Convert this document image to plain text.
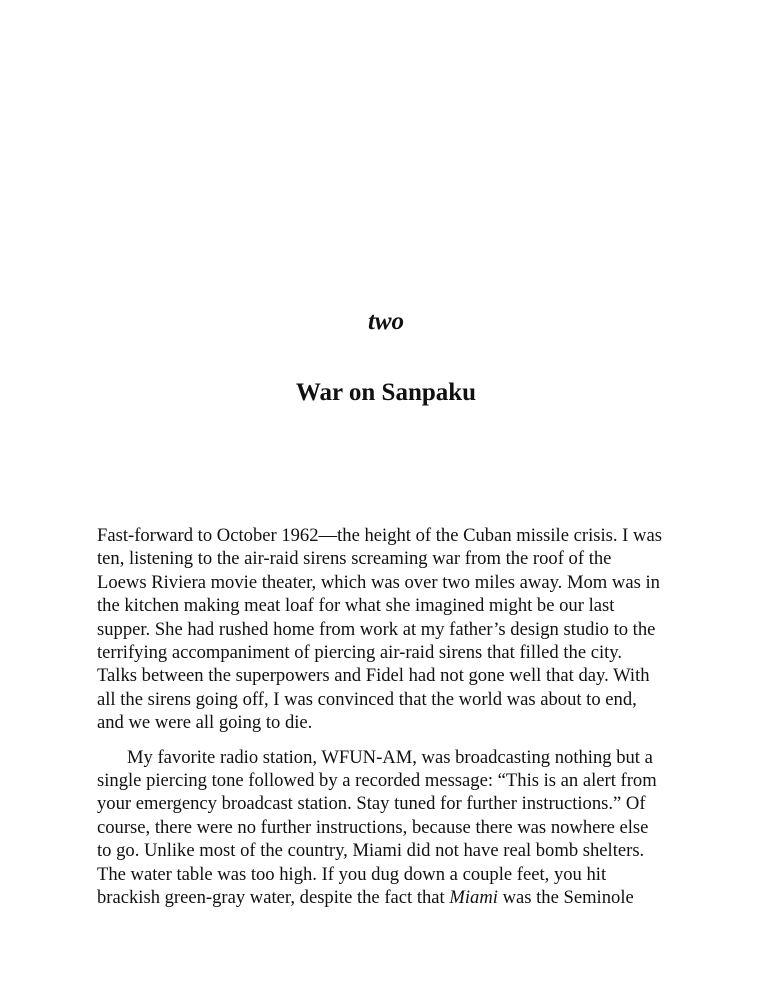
two
War on Sanpaku

Fast-forward to October 1962—the height of the Cuban missile crisis. I was
ten, listening to the air-raid sirens screaming war from the roof of the
Loews Riviera movie theater, which was over two miles away. Mom was in
the kitchen making meat loaf for what she imagined might be our last
supper. She had rushed home from work at my father’s design studio to the
terrifying accompaniment of piercing air-raid sirens that filled the city.
Talks between the superpowers and Fidel had not gone well that day. With
all the sirens going off, I was convinced that the world was about to end,
and we were all going to die.

My favorite radio station, WFUN-AM, was broadcasting nothing but a
single piercing tone followed by a recorded message: “This is an alert from
your emergency broadcast station. Stay tuned for further instructions.” Of
course, there were no further instructions, because there was nowhere else
to go. Unlike most of the country, Miami did not have real bomb shelters.
The water table was too high. If you dug down a couple feet, you hit
brackish green-gray water, despite the fact that Miami was the Seminole
